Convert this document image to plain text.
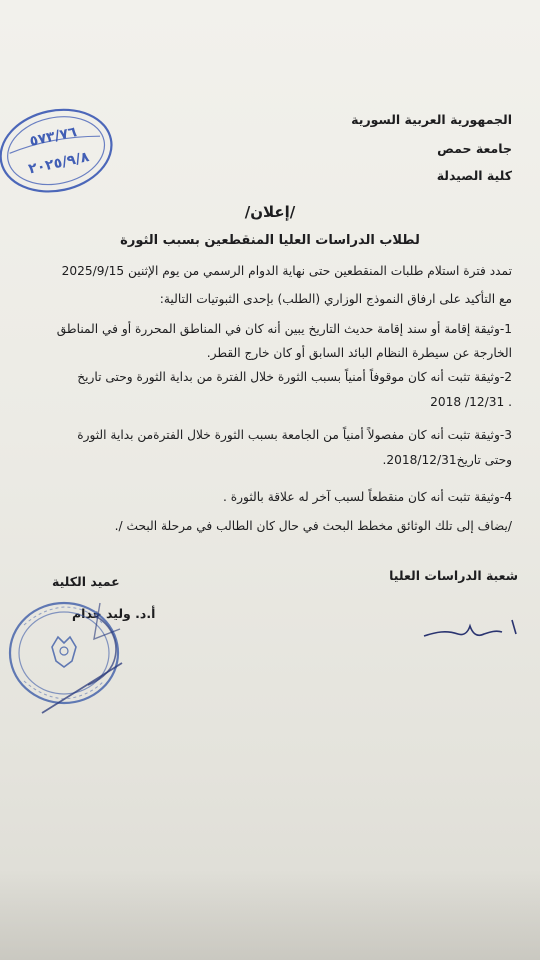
٥٧٣/٧٦
٢٠٢٥/٩/٨
الجمهورية العربية السورية
جامعة حمص
كلية الصيدلة
/إعلان/
لطلاب الدراسات العليا المنقطعين بسبب الثورة
تمدد فترة استلام طلبات المنقطعين حتى نهاية الدوام الرسمي من يوم الإثنين 2025/9/15
مع التأكيد على ارفاق النموذج الوزاري (الطلب) بإحدى الثبوتيات التالية:
1-وثيقة إقامة أو سند إقامة حديث التاريخ يبين أنه كان في المناطق المحررة أو في المناطق
الخارجة عن سيطرة النظام البائد السابق أو كان خارج القطر.
2-وثيقة تثبت أنه كان موقوفاً أمنياً بسبب الثورة خلال الفترة من بداية الثورة وحتى تاريخ
2018 /12/31 .
3-وثيقة تثبت أنه كان مفصولاً أمنياً من الجامعة بسبب الثورة خلال الفترةمن بداية الثورة
وحتى تاريخ2018/12/31.
4-وثيقة تثبت أنه كان منقطعاً لسبب آخر له علاقة بالثورة .
/يضاف إلى تلك الوثائق مخطط البحث في حال كان الطالب في مرحلة البحث /.
عميد الكلية
أ.د. وليد خدام
شعبة الدراسات العليا
